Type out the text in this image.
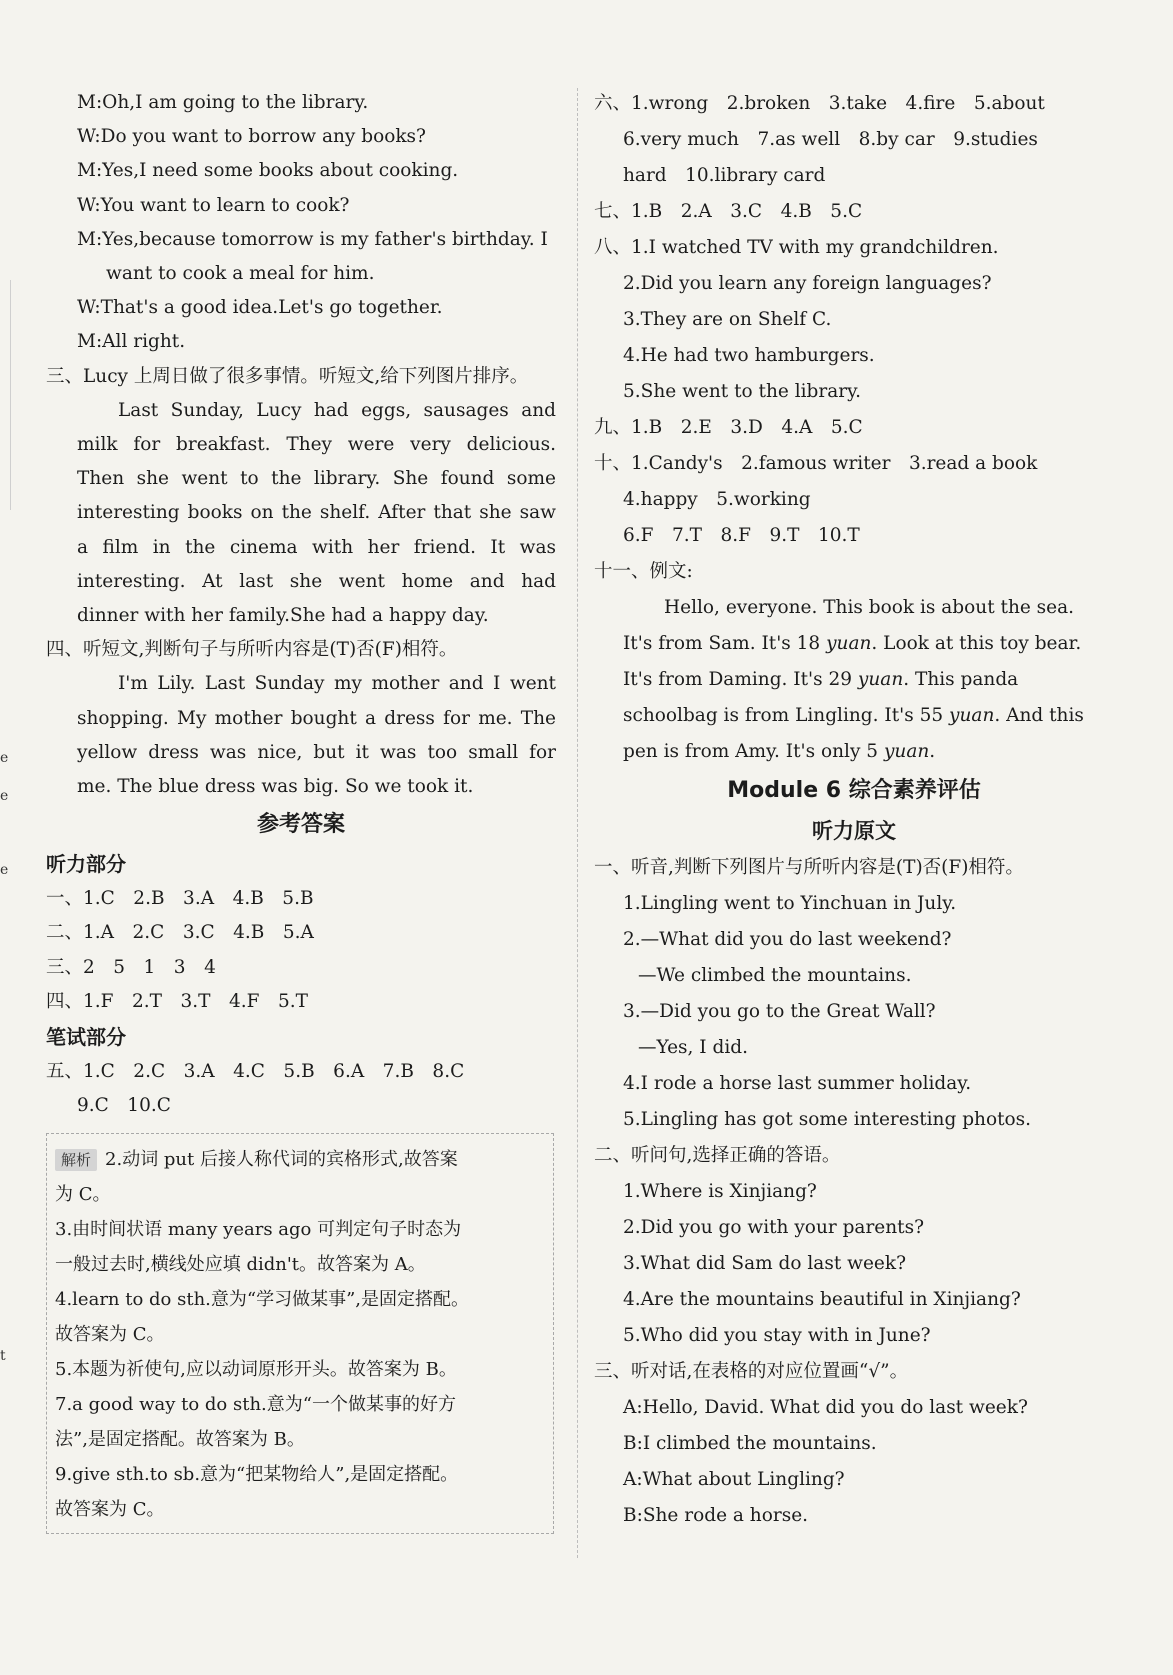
e
e
e
t
M:Oh,I am going to the library.
W:Do you want to borrow any books?
M:Yes,I need some books about cooking.
W:You want to learn to cook?
M:Yes,because tomorrow is my father's birthday. I
want to cook a meal for him.
W:That's a good idea.Let's go together.
M:All right.
三、Lucy 上周日做了很多事情。听短文,给下列图片排序。
Last Sunday, Lucy had eggs, sausages and
milk for breakfast. They were very delicious.
Then she went to the library. She found some
interesting books on the shelf. After that she saw
a film in the cinema with her friend. It was
interesting. At last she went home and had
dinner with her family.She had a happy day.
四、听短文,判断句子与所听内容是(T)否(F)相符。
I'm Lily. Last Sunday my mother and I went
shopping. My mother bought a dress for me. The
yellow dress was nice, but it was too small for
me. The blue dress was big. So we took it.
参考答案
听力部分
一、1.C　2.B　3.A　4.B　5.B
二、1.A　2.C　3.C　4.B　5.A
三、2　5　1　3　4
四、1.F　2.T　3.T　4.F　5.T
笔试部分
五、1.C　2.C　3.A　4.C　5.B　6.A　7.B　8.C
9.C　10.C
解析 2.动词 put 后接人称代词的宾格形式,故答案
为 C。
3.由时间状语 many years ago 可判定句子时态为
一般过去时,横线处应填 didn't。故答案为 A。
4.learn to do sth.意为“学习做某事”,是固定搭配。
故答案为 C。
5.本题为祈使句,应以动词原形开头。故答案为 B。
7.a good way to do sth.意为“一个做某事的好方
法”,是固定搭配。故答案为 B。
9.give sth.to sb.意为“把某物给人”,是固定搭配。
故答案为 C。
六、1.wrong　2.broken　3.take　4.fire　5.about
6.very much　7.as well　8.by car　9.studies
hard　10.library card
七、1.B　2.A　3.C　4.B　5.C
八、1.I watched TV with my grandchildren.
2.Did you learn any foreign languages?
3.They are on Shelf C.
4.He had two hamburgers.
5.She went to the library.
九、1.B　2.E　3.D　4.A　5.C
十、1.Candy's　2.famous writer　3.read a book
4.happy　5.working
6.F　7.T　8.F　9.T　10.T
十一、例文:
Hello, everyone. This book is about the sea.
It's from Sam. It's 18 yuan. Look at this toy bear.
It's from Daming. It's 29 yuan. This panda
schoolbag is from Lingling. It's 55 yuan. And this
pen is from Amy. It's only 5 yuan.
Module 6 综合素养评估
听力原文
一、听音,判断下列图片与所听内容是(T)否(F)相符。
1.Lingling went to Yinchuan in July.
2.—What did you do last weekend?
—We climbed the mountains.
3.—Did you go to the Great Wall?
—Yes, I did.
4.I rode a horse last summer holiday.
5.Lingling has got some interesting photos.
二、听问句,选择正确的答语。
1.Where is Xinjiang?
2.Did you go with your parents?
3.What did Sam do last week?
4.Are the mountains beautiful in Xinjiang?
5.Who did you stay with in June?
三、听对话,在表格的对应位置画“√”。
A:Hello, David. What did you do last week?
B:I climbed the mountains.
A:What about Lingling?
B:She rode a horse.
